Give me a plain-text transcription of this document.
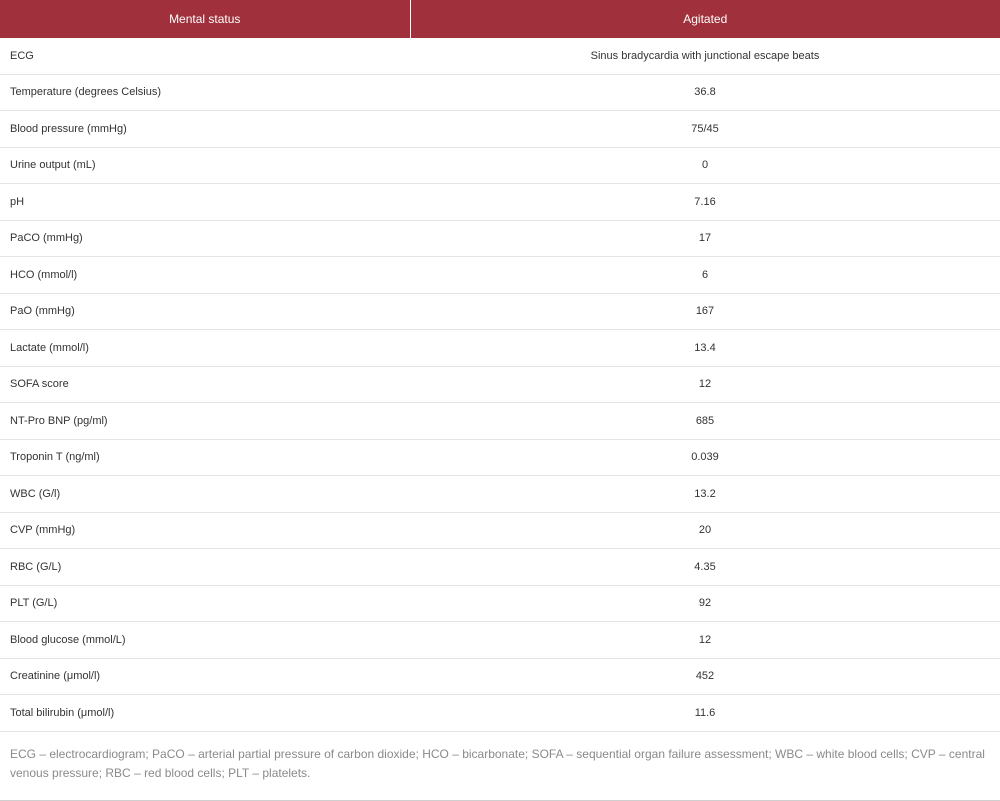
Mental status	Agitated
ECG	Sinus bradycardia with junctional escape beats
Temperature (degrees Celsius)	36.8
Blood pressure (mmHg)	75/45
Urine output (mL)	0
pH	7.16
PaCO (mmHg)	17
HCO (mmol/l)	6
PaO (mmHg)	167
Lactate (mmol/l)	13.4
SOFA score	12
NT-Pro BNP (pg/ml)	685
Troponin T (ng/ml)	0.039
WBC (G/l)	13.2
CVP (mmHg)	20
RBC (G/L)	4.35
PLT (G/L)	92
Blood glucose (mmol/L)	12
Creatinine (μmol/l)	452
Total bilirubin (μmol/l)	11.6
ECG – electrocardiogram; PaCO – arterial partial pressure of carbon dioxide; HCO – bicarbonate; SOFA – sequential organ failure assessment; WBC – white blood cells; CVP – central venous pressure; RBC – red blood cells; PLT – platelets.
